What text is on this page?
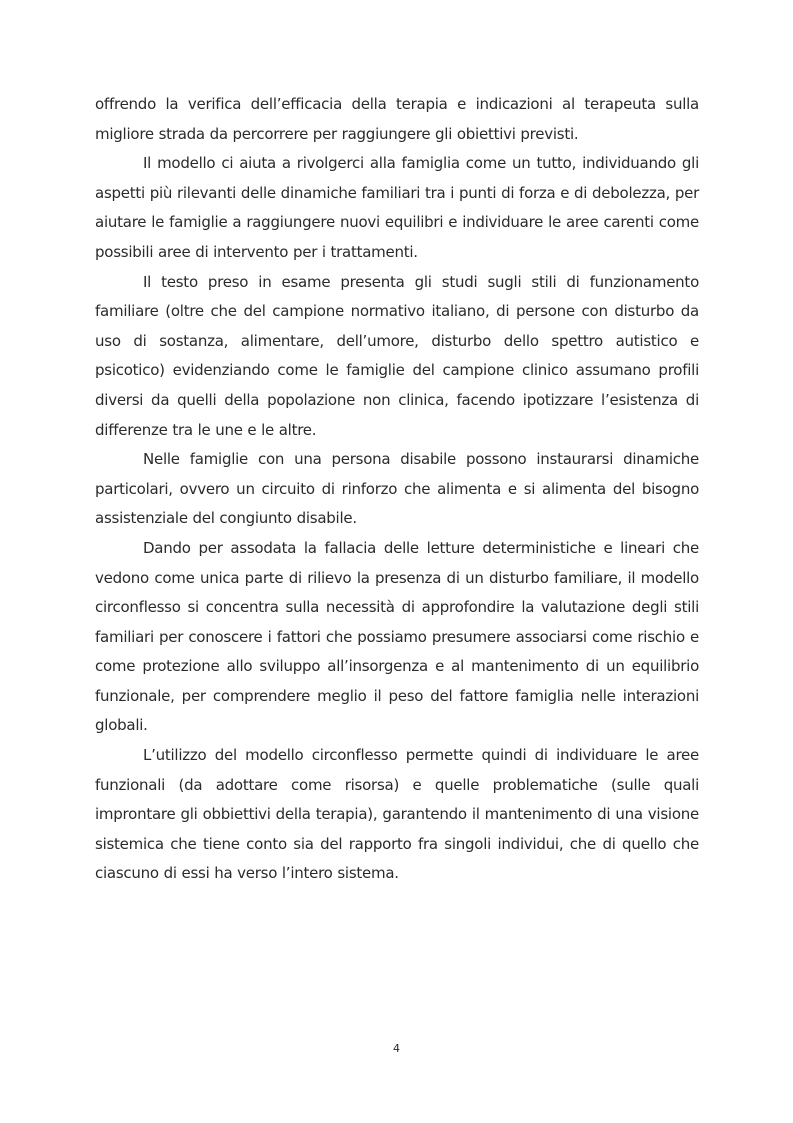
offrendo la verifica dell’efficacia della terapia e indicazioni al terapeuta sulla migliore strada da percorrere per raggiungere gli obiettivi previsti.

Il modello ci aiuta a rivolgerci alla famiglia come un tutto, individuando gli aspetti più rilevanti delle dinamiche familiari tra i punti di forza e di debolezza, per aiutare le famiglie a raggiungere nuovi equilibri e individuare le aree carenti come possibili aree di intervento per i trattamenti.

Il testo preso in esame presenta gli studi sugli stili di funzionamento familiare (oltre che del campione normativo italiano, di persone con disturbo da uso di sostanza, alimentare, dell’umore, disturbo dello spettro autistico e psicotico) evidenziando come le famiglie del campione clinico assumano profili diversi da quelli della popolazione non clinica, facendo ipotizzare l’esistenza di differenze tra le une e le altre.

Nelle famiglie con una persona disabile possono instaurarsi dinamiche particolari, ovvero un circuito di rinforzo che alimenta e si alimenta del bisogno assistenziale del congiunto disabile.

Dando per assodata la fallacia delle letture deterministiche e lineari che vedono come unica parte di rilievo la presenza di un disturbo familiare, il modello circonflesso si concentra sulla necessità di approfondire la valutazione degli stili familiari per conoscere i fattori che possiamo presumere associarsi come rischio e come protezione allo sviluppo all’insorgenza e al mantenimento di un equilibrio funzionale, per comprendere meglio il peso del fattore famiglia nelle interazioni globali.

L’utilizzo del modello circonflesso permette quindi di individuare le aree funzionali (da adottare come risorsa) e quelle problematiche (sulle quali improntare gli obbiettivi della terapia), garantendo il mantenimento di una visione sistemica che tiene conto sia del rapporto fra singoli individui, che di quello che ciascuno di essi ha verso l’intero sistema.

4
